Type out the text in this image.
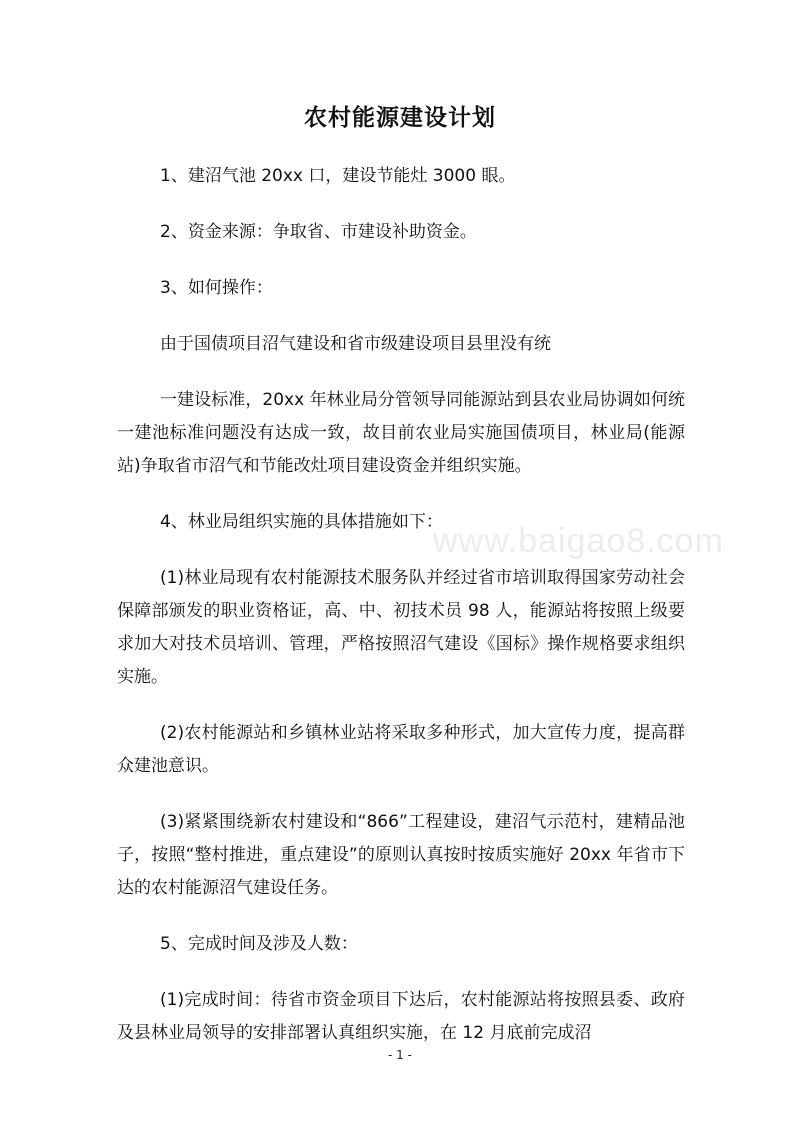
www.baigao8.com
农村能源建设计划

1、建沼气池 20xx 口，建设节能灶 3000 眼。

2、资金来源：争取省、市建设补助资金。

3、如何操作：

由于国债项目沼气建设和省市级建设项目县里没有统

一建设标准，20xx 年林业局分管领导同能源站到县农业局协调如何统一建池标准问题没有达成一致，故目前农业局实施国债项目，林业局(能源站)争取省市沼气和节能改灶项目建设资金并组织实施。

4、林业局组织实施的具体措施如下：

(1)林业局现有农村能源技术服务队并经过省市培训取得国家劳动社会保障部颁发的职业资格证，高、中、初技术员 98 人，能源站将按照上级要求加大对技术员培训、管理，严格按照沼气建设《国标》操作规格要求组织实施。

(2)农村能源站和乡镇林业站将采取多种形式，加大宣传力度，提高群众建池意识。

(3)紧紧围绕新农村建设和“866”工程建设，建沼气示范村，建精品池子，按照“整村推进，重点建设”的原则认真按时按质实施好 20xx 年省市下达的农村能源沼气建设任务。

5、完成时间及涉及人数：

(1)完成时间：待省市资金项目下达后，农村能源站将按照县委、政府及县林业局领导的安排部署认真组织实施，在 12 月底前完成沼

- 1 -
